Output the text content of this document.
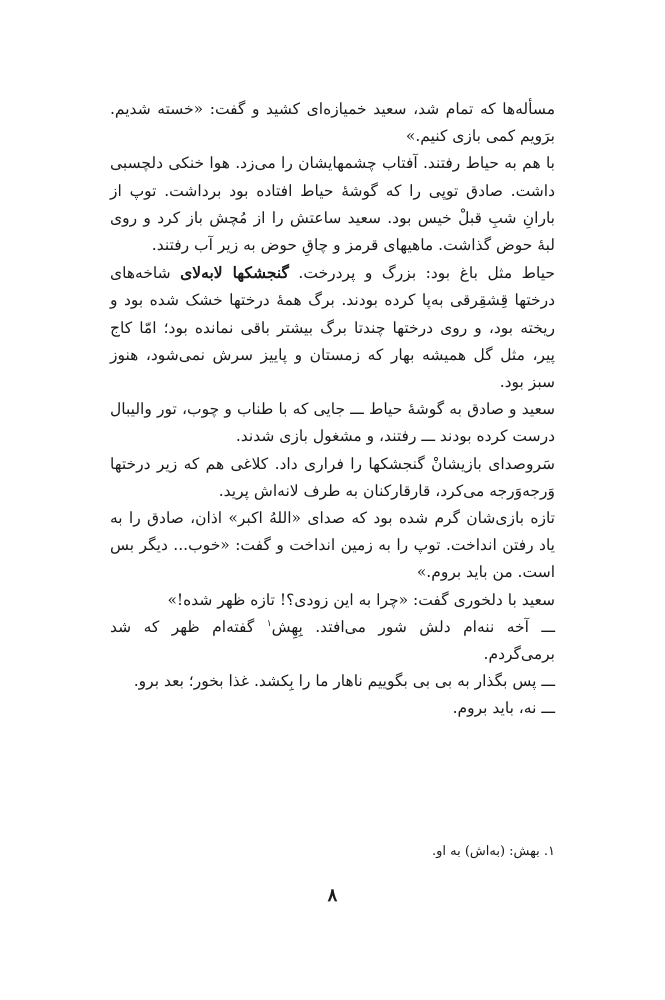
مسأله‌ها که تمام شد، سعید خمیازه‌ای کشید و گفت: «خسته شدیم. برَویم کمی بازی کنیم.»

با هم به حیاط رفتند. آفتاب چشمهایشان را می‌زد. هوا خنکی دلچسبی داشت. صادق توپی را که گوشهٔ حیاط افتاده بود برداشت. توپ از بارانِ شبِ قبلْ خیس بود. سعید ساعتش را از مُچش باز کرد و روی لبهٔ حوض گذاشت. ماهیهای قرمز و چاقِ حوض به زیر آب رفتند.

حیاط مثل باغ بود: بزرگ و پردرخت. گنجشکها لابه‌لای شاخه‌های درختها قِشقِرقی به‌پا کرده بودند. برگ همهٔ درختها خشک شده بود و ریخته بود، و روی درختها چندتا برگ بیشتر باقی نمانده بود؛ امّا کاج پیر، مثل گل همیشه بهار که زمستان و پاییز سرش نمی‌شود، هنوز سبز بود.

سعید و صادق به گوشهٔ حیاط ـــ جایی که با طناب و چوب، تور والیبال درست کرده بودند ـــ رفتند، و مشغول بازی شدند.

سَروصدای بازیشانْ گنجشکها را فراری داد. کلاغی هم که زیر درختها وَرجه‌وَرجه می‌کرد، قارقارکنان به طرف لانه‌اش پرید.

تازه بازی‌شان گرم شده بود که صدای «اللهُ اکبر» اذان، صادق را به یاد رفتن انداخت. توپ را به زمین انداخت و گفت: «خوب... دیگر بس است. من باید بروم.»

سعید با دلخوری گفت: «چرا به این زودی؟! تازه ظهر شده!»

ـــ آخه ننه‌ام دلش شور می‌افتد. بِهِش$^۱$ گفته‌ام ظهر که شد برمی‌گردم.

ـــ پس بگذار به بی بی بگوییم ناهار ما را بِکشد. غذا بخور؛ بعد برو.

ـــ نه، باید بروم.

۱. بهش: (به‌اش) به او.
۸
